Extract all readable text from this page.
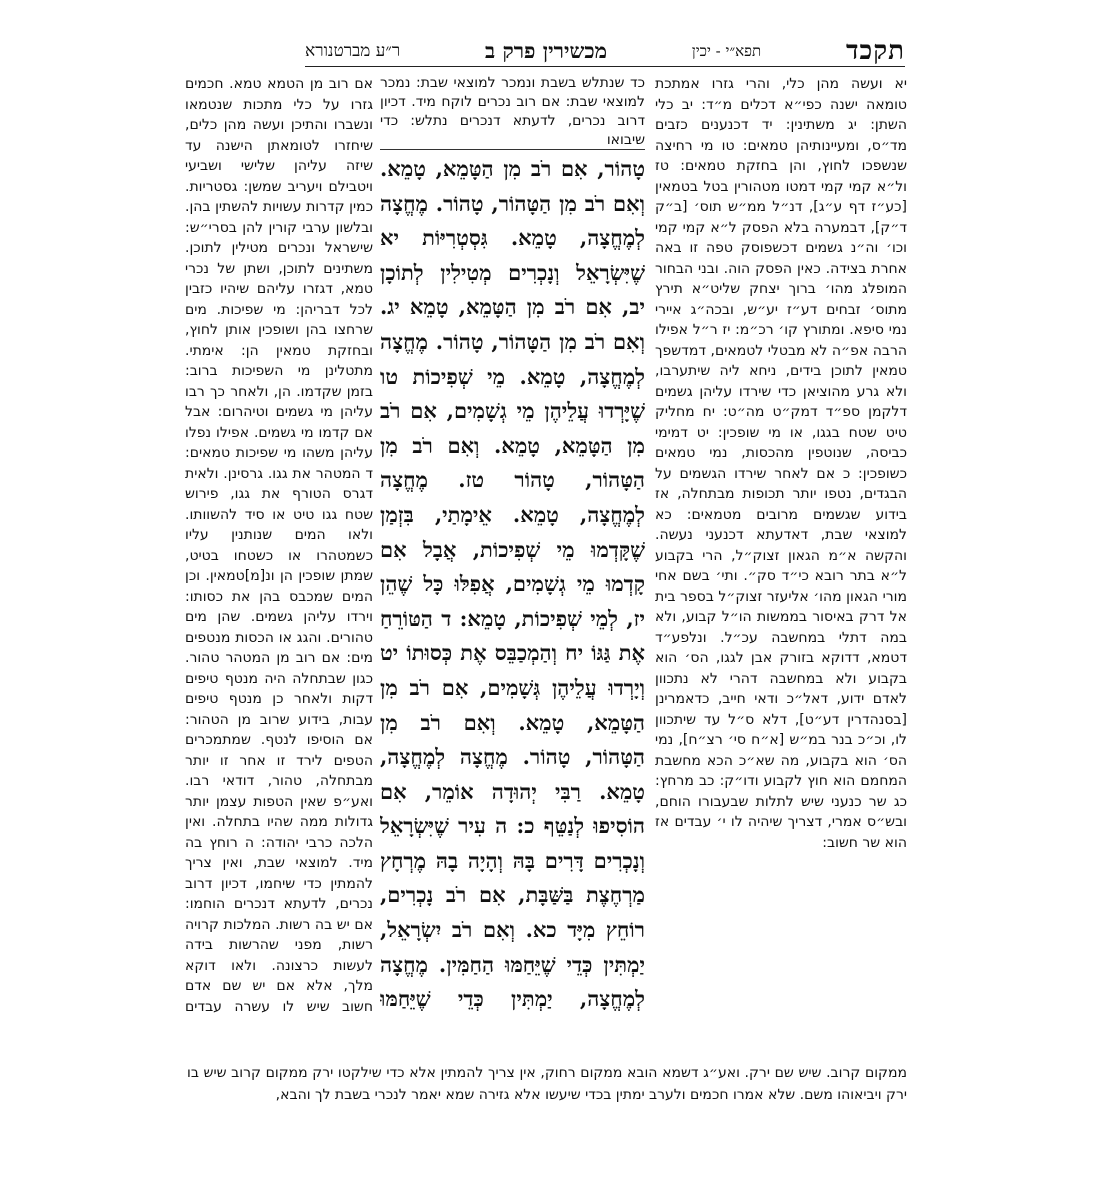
תקכד
תפא״י - יכין
מכשירין פרק ב
ר״ע מברטנורא

יא ועשה מהן כלי, והרי גזרו אמתכת טומאה ישנה כפי״א דכלים מ״ד: יב כלי השתן: יג משתינין: יד דכנענים כזבים מד״ס, ומעיינותיהן טמאים: טו מי רחיצה שנשפכו לחוץ, והן בחזקת טמאים: טז ול״א קמי קמי דמטו מטהורין בטל בטמאין [כע״ז דף ע״ג], דנ״ל ממ״ש תוס׳ [ב״ק ד״ק], דבמערה בלא הפסק ל״א קמי קמי וכו׳ וה״נ גשמים דכשפוסק טפה זו באה אחרת בצידה. כאין הפסק הוה. ובני הבחור המופלג מהו׳ ברוך יצחק שליט״א תירץ מתוס׳ זבחים דע״ז יע״ש, ובכה״ג איירי נמי סיפא. ומתורץ קו׳ רכ״מ: יז ר״ל אפילו הרבה אפ״ה לא מבטלי לטמאים, דמדשפך טמאין לתוכן בידים, ניחא ליה שיתערבו, ולא גרע מהוציאן כדי שירדו עליהן גשמים דלקמן ספ״ד דמק״ט מה״ט: יח מחליק טיט שטח בגגו, או מי שופכין: יט דמימי כביסה, שנוטפין מהכסות, נמי טמאים כשופכין: כ אם לאחר שירדו הגשמים על הבגדים, נטפו יותר תכופות מבתחלה, אז בידוע שגשמים מרובים מטמאים: כא למוצאי שבת, דאדעתא דכנעני נעשה. והקשה א״מ הגאון זצוק״ל, הרי בקבוע ל״א בתר רובא כי״ד סק״. ותי׳ בשם אחי מורי הגאון מהו׳ אליעזר זצוק״ל בספר בית אל דרק באיסור בממשות הו״ל קבוע, ולא במה דתלי במחשבה עכ״ל. ונלפע״ד דטמא, דדוקא בזורק אבן לגגו, הס׳ הוא בקבוע ולא במחשבה דהרי לא נתכוון לאדם ידוע, דאל״כ ודאי חייב, כדאמרינן [בסנהדרין דע״ט], דלא ס״ל עד שיתכוון לו, וכ״כ בנר במ״ש [א״ח סי׳ רצ״ח], נמי הס׳ הוא בקבוע, מה שא״כ הכא מחשבת המחמם הוא חוץ לקבוע ודו״ק: כב מרחץ: כג שר כנעני שיש לתלות שבעבורו הוחם, ובש״ס אמרי, דצריך שיהיה לו י׳ עבדים אז הוא שר חשוב:

כד שנתלש בשבת ונמכר למוצאי שבת: נמכר למוצאי שבת: אם רוב נכרים לוקח מיד. דכיון דרוב נכרים, לדעתא דנכרים נתלש: כדי שיבואו

טָהוֹר, אִם רֹב מִן הַטָּמֵא, טָמֵא. וְאִם רֹב מִן הַטָּהוֹר, טָהוֹר. מֶחֱצָה לְמֶחֱצָה, טָמֵא. גִּסְטְרִיּוֹת יא שֶׁיִּשְׂרָאֵל וְנָכְרִים מְטִילִין לְתוֹכָן יב, אִם רֹב מִן הַטָּמֵא, טָמֵא יג. וְאִם רֹב מִן הַטָּהוֹר, טָהוֹר. מֶחֱצָה לְמֶחֱצָה, טָמֵא. מֵי שְׁפִיכוֹת טו שֶׁיָּרְדוּ עֲלֵיהֶן מֵי גְשָׁמִים, אִם רֹב מִן הַטָּמֵא, טָמֵא. וְאִם רֹב מִן הַטָּהוֹר, טָהוֹר טז. מֶחֱצָה לְמֶחֱצָה, טָמֵא. אֵימָתַי, בִּזְמַן שֶׁקָּדְמוּ מֵי שְׁפִיכוֹת, אֲבָל אִם קָדְמוּ מֵי גְשָׁמִים, אֲפִלּוּ כָּל שֶׁהֵן יז, לְמֵי שְׁפִיכוֹת, טָמֵא: ד הַטּוֹרֵחַ אֶת גַּגּוֹ יח וְהַמְכַבֵּס אֶת כְּסוּתוֹ יט וְיָרְדוּ עֲלֵיהֶן גְּשָׁמִים, אִם רֹב מִן הַטָּמֵא, טָמֵא. וְאִם רֹב מִן הַטָּהוֹר, טָהוֹר. מֶחֱצָה לְמֶחֱצָה, טָמֵא. רַבִּי יְהוּדָה אוֹמֵר, אִם הוֹסִיפוּ לְנַטֵּף כ: ה עִיר שֶׁיִּשְׂרָאֵל וְנָכְרִים דָּרִים בָּהּ וְהָיָה בָהּ מֶרְחָץ מַרְחֶצֶת בַּשַּׁבָּת, אִם רֹב נָכְרִים, רוֹחֵץ מִיָּד כא. וְאִם רֹב יִשְׂרָאֵל, יַמְתִּין כְּדֵי שֶׁיֵּחַמּוּ הַחַמִּין. מֶחֱצָה לְמֶחֱצָה, יַמְתִּין כְּדֵי שֶׁיֵּחַמּוּ

אם רוב מן הטמא טמא. חכמים גזרו על כלי מתכות שנטמאו ונשברו והתיכן ועשה מהן כלים, שיחזרו לטומאתן הישנה עד שיזה עליהן שלישי ושביעי ויטבילם ויעריב שמשן: גסטריות. כמין קדרות עשויות להשתין בהן. ובלשון ערבי קורין להן בסרי״ש: שישראל ונכרים מטילין לתוכן. משתינים לתוכן, ושתן של נכרי טמא, דגזרו עליהם שיהיו כזבין לכל דבריהן: מי שפיכות. מים שרחצו בהן ושופכין אותן לחוץ, ובחזקת טמאין הן: אימתי. מתטלינן מי השפיכות ברוב: בזמן שקדמו. הן, ולאחר כך רבו עליהן מי גשמים וטיהרום: אבל אם קדמו מי גשמים. אפילו נפלו עליהן משהו מי שפיכות טמאים: ד המטהר את גגו. גרסינן. ולאית דגרס הטורף את גגו, פירוש שטח גגו טיט או סיד להשוותו. ולאו המים שנותנין עליו כשמטהרו או כשטחו בטיט, שמתן שופכין הן ונ[מ]טמאין. וכן המים שמכבס בהן את כסותו: וירדו עליהן גשמים. שהן מים טהורים. והגג או הכסות מנטפים מים: אם רוב מן המטהר טהור. כגון שבתחלה היה מנטף טיפים דקות ולאחר כן מנטף טיפים עבות, בידוע שרוב מן הטהור: אם הוסיפו לנטף. שמתמכרים הטפים לירד זו אחר זו יותר מבתחלה, טהור, דודאי רבו. ואע״פ שאין הטפות עצמן יותר גדולות ממה שהיו בתחלה. ואין הלכה כרבי יהודה: ה רוחץ בה מיד. למוצאי שבת, ואין צריך להמתין כדי שיחמו, דכיון דרוב נכרים, לדעתא דנכרים הוחמו: אם יש בה רשות. המלכות קרויה רשות, מפני שהרשות בידה לעשות כרצונה. ולאו דוקא מלך, אלא אם יש שם אדם חשוב שיש לו עשרה עבדים

ממקום קרוב. שיש שם ירק. ואע״ג דשמא הובא ממקום רחוק, אין צריך להמתין אלא כדי שילקטו ירק ממקום קרוב שיש בו ירק ויביאוהו משם. שלא אמרו חכמים ולערב ימתין בכדי שיעשו אלא גזירה שמא יאמר לנכרי בשבת לך והבא,
